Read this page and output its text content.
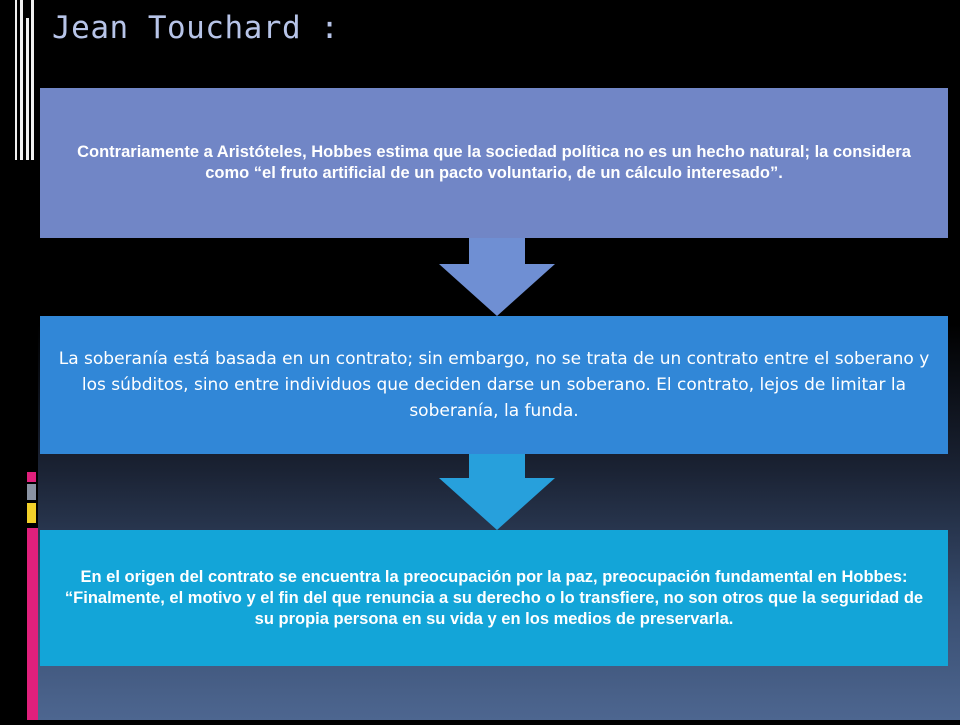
Jean Touchard :
Contrariamente a Aristóteles, Hobbes estima que la sociedad política no es un hecho natural; la considera como “el fruto artificial de un pacto voluntario, de un cálculo interesado”.
La soberanía está basada en un contrato; sin embargo, no se trata de un contrato entre el soberano y los súbditos, sino entre individuos que deciden darse un soberano. El contrato, lejos de limitar la soberanía, la funda.
En el origen del contrato se encuentra la preocupación por la paz, preocupación fundamental en Hobbes: “Finalmente, el motivo y el fin del que renuncia a su derecho o lo transfiere, no son otros que la seguridad de su propia persona en su vida y en los medios de preservarla.
